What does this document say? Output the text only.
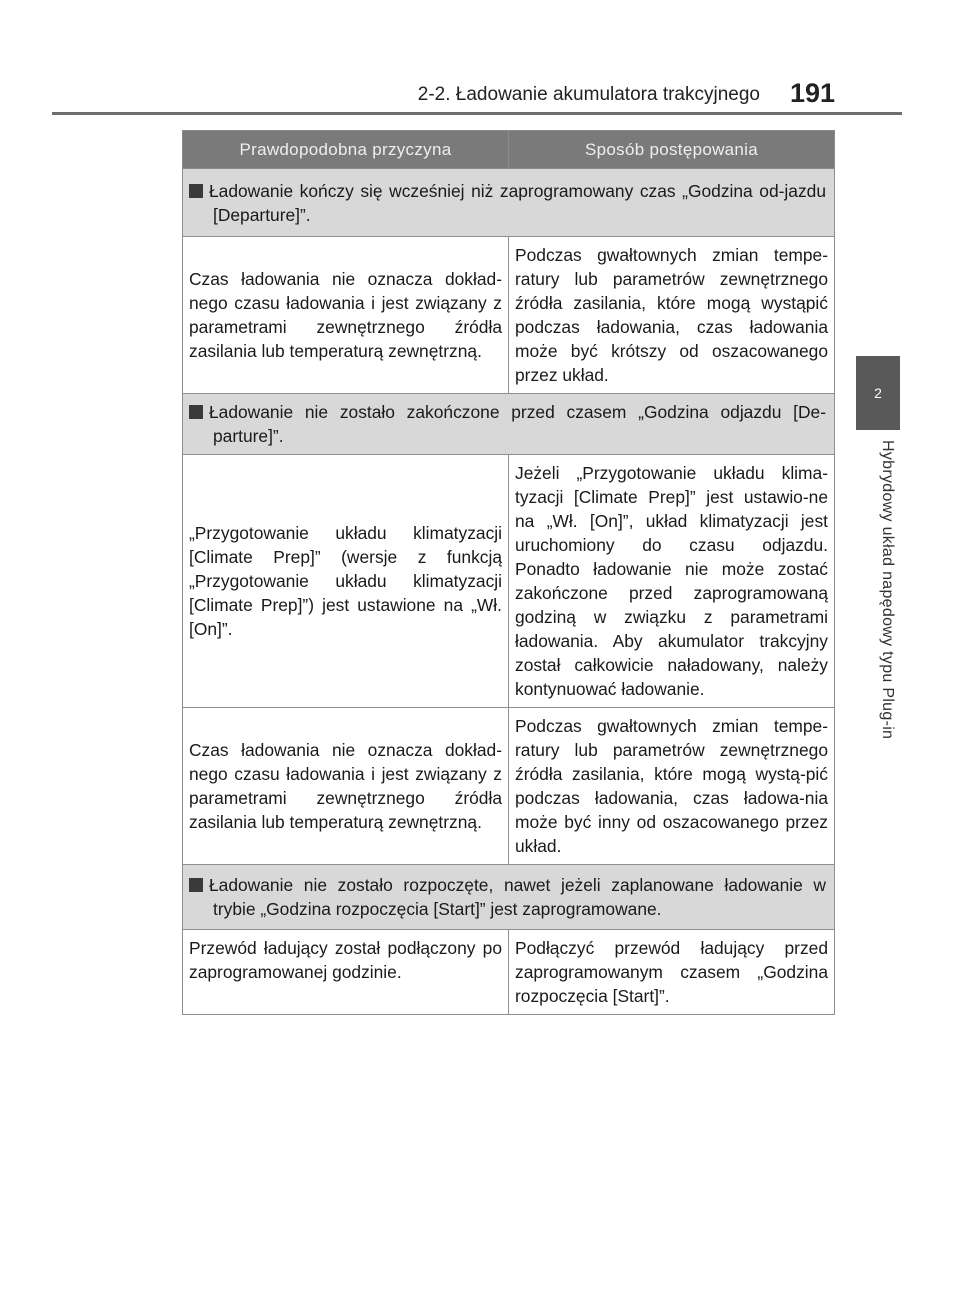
2-2. Ładowanie akumulatora trakcyjnego 191
2
Hybrydowy układ napędowy typu Plug-in
Prawdopodobna przyczyna	Sposób postępowania
Ładowanie kończy się wcześniej niż zaprogramowany czas „Godzina od-jazdu [Departure]”.	
Czas ładowania nie oznacza dokład-nego czasu ładowania i jest związany z parametrami zewnętrznego źródła zasilania lub temperaturą zewnętrzną.	Podczas gwałtownych zmian tempe-ratury lub parametrów zewnętrznego źródła zasilania, które mogą wystąpić podczas ładowania, czas ładowania może być krótszy od oszacowanego przez układ.
Ładowanie nie zostało zakończone przed czasem „Godzina odjazdu [De-parture]”.	
„Przygotowanie układu klimatyzacji [Climate Prep]” (wersje z funkcją „Przygotowanie układu klimatyzacji [Climate Prep]”) jest ustawione na „Wł. [On]”.	Jeżeli „Przygotowanie układu klima-tyzacji [Climate Prep]” jest ustawio-ne na „Wł. [On]”, układ klimatyzacji jest uruchomiony do czasu odjazdu. Ponadto ładowanie nie może zostać zakończone przed zaprogramowaną godziną w związku z parametrami ładowania. Aby akumulator trakcyjny został całkowicie naładowany, należy kontynuować ładowanie.
Czas ładowania nie oznacza dokład-nego czasu ładowania i jest związany z parametrami zewnętrznego źródła zasilania lub temperaturą zewnętrzną.	Podczas gwałtownych zmian tempe-ratury lub parametrów zewnętrznego źródła zasilania, które mogą wystą-pić podczas ładowania, czas ładowa-nia może być inny od oszacowanego przez układ.
Ładowanie nie zostało rozpoczęte, nawet jeżeli zaplanowane ładowanie w trybie „Godzina rozpoczęcia [Start]” jest zaprogramowane.	
Przewód ładujący został podłączony po zaprogramowanej godzinie.	Podłączyć przewód ładujący przed zaprogramowanym czasem „Godzina rozpoczęcia [Start]”.
